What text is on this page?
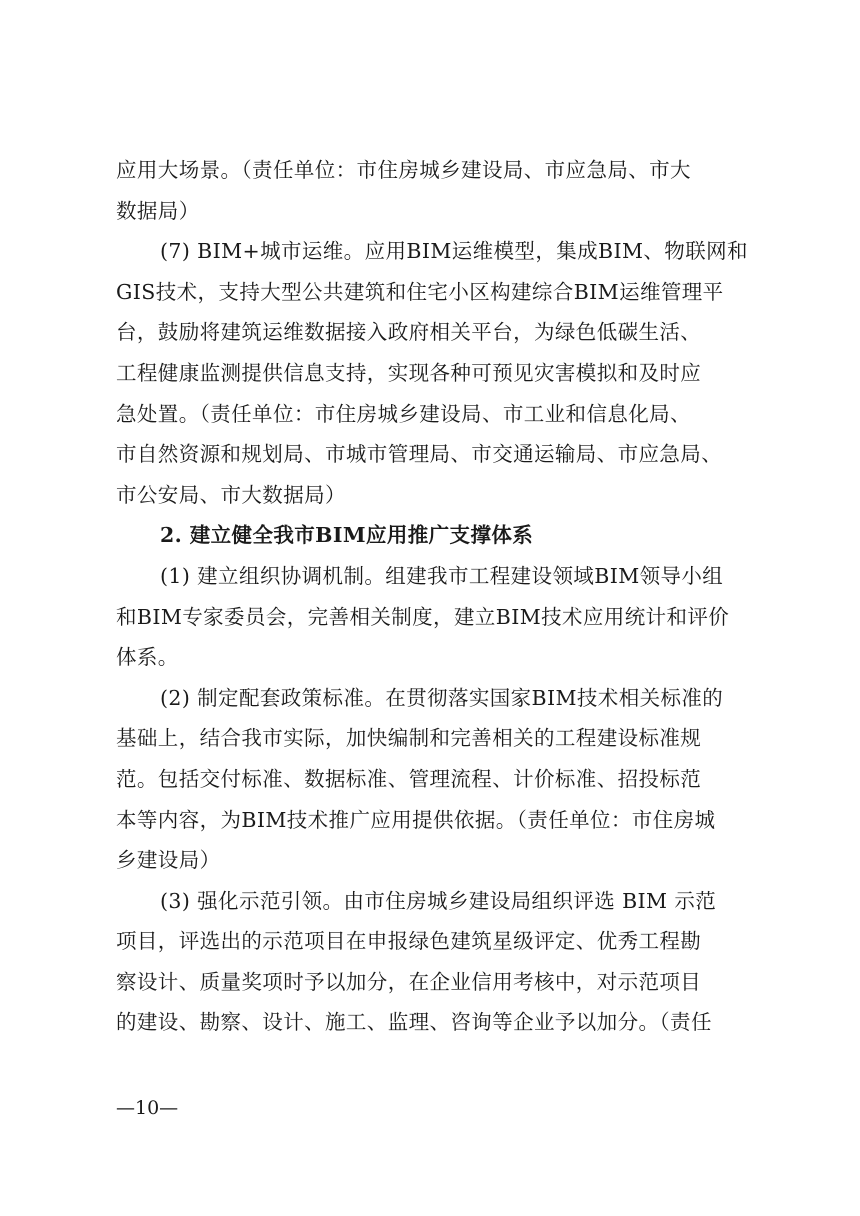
应用大场景。（责任单位：市住房城乡建设局、市应急局、市大
数据局）
(7) BIM+城市运维。应用BIM运维模型，集成BIM、物联网和
GIS技术，支持大型公共建筑和住宅小区构建综合BIM运维管理平
台，鼓励将建筑运维数据接入政府相关平台，为绿色低碳生活、
工程健康监测提供信息支持，实现各种可预见灾害模拟和及时应
急处置。（责任单位：市住房城乡建设局、市工业和信息化局、
市自然资源和规划局、市城市管理局、市交通运输局、市应急局、
市公安局、市大数据局）
2. 建立健全我市BIM应用推广支撑体系
(1) 建立组织协调机制。组建我市工程建设领域BIM领导小组
和BIM专家委员会，完善相关制度，建立BIM技术应用统计和评价
体系。
(2) 制定配套政策标准。在贯彻落实国家BIM技术相关标准的
基础上，结合我市实际，加快编制和完善相关的工程建设标准规
范。包括交付标准、数据标准、管理流程、计价标准、招投标范
本等内容，为BIM技术推广应用提供依据。（责任单位：市住房城
乡建设局）
(3) 强化示范引领。由市住房城乡建设局组织评选 BIM 示范
项目，评选出的示范项目在申报绿色建筑星级评定、优秀工程勘
察设计、质量奖项时予以加分，在企业信用考核中，对示范项目
的建设、勘察、设计、施工、监理、咨询等企业予以加分。（责任
—10—
